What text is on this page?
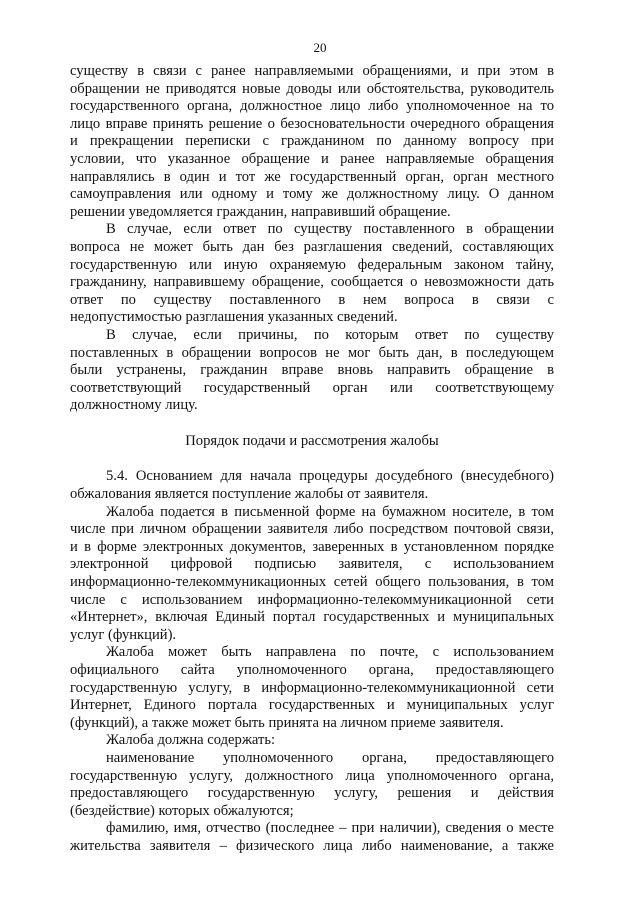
20
существу в связи с ранее направляемыми обращениями, и при этом в
обращении не приводятся новые доводы или обстоятельства, руководитель
государственного органа, должностное лицо либо уполномоченное на то
лицо вправе принять решение о безосновательности очередного обращения
и прекращении переписки с гражданином по данному вопросу при
условии, что указанное обращение и ранее направляемые обращения
направлялись в один и тот же государственный орган, орган местного
самоуправления или одному и тому же должностному лицу. О данном
решении уведомляется гражданин, направивший обращение.
В случае, если ответ по существу поставленного в обращении
вопроса не может быть дан без разглашения сведений, составляющих
государственную или иную охраняемую федеральным законом тайну,
гражданину, направившему обращение, сообщается о невозможности дать
ответ по существу поставленного в нем вопроса в связи с
недопустимостью разглашения указанных сведений.
В случае, если причины, по которым ответ по существу
поставленных в обращении вопросов не мог быть дан, в последующем
были устранены, гражданин вправе вновь направить обращение в
соответствующий государственный орган или соответствующему
должностному лицу.
Порядок подачи и рассмотрения жалобы
5.4. Основанием для начала процедуры досудебного (внесудебного)
обжалования является поступление жалобы от заявителя.
Жалоба подается в письменной форме на бумажном носителе, в том
числе при личном обращении заявителя либо посредством почтовой связи,
и в форме электронных документов, заверенных в установленном порядке
электронной цифровой подписью заявителя, с использованием
информационно-телекоммуникационных сетей общего пользования, в том
числе с использованием информационно-телекоммуникационной сети
«Интернет», включая Единый портал государственных и муниципальных
услуг (функций).
Жалоба может быть направлена по почте, с использованием
официального сайта уполномоченного органа, предоставляющего
государственную услугу, в информационно-телекоммуникационной сети
Интернет, Единого портала государственных и муниципальных услуг
(функций), а также может быть принята на личном приеме заявителя.
Жалоба должна содержать:
наименование уполномоченного органа, предоставляющего
государственную услугу, должностного лица уполномоченного органа,
предоставляющего государственную услугу, решения и действия
(бездействие) которых обжалуются;
фамилию, имя, отчество (последнее – при наличии), сведения о месте
жительства заявителя – физического лица либо наименование, а также
